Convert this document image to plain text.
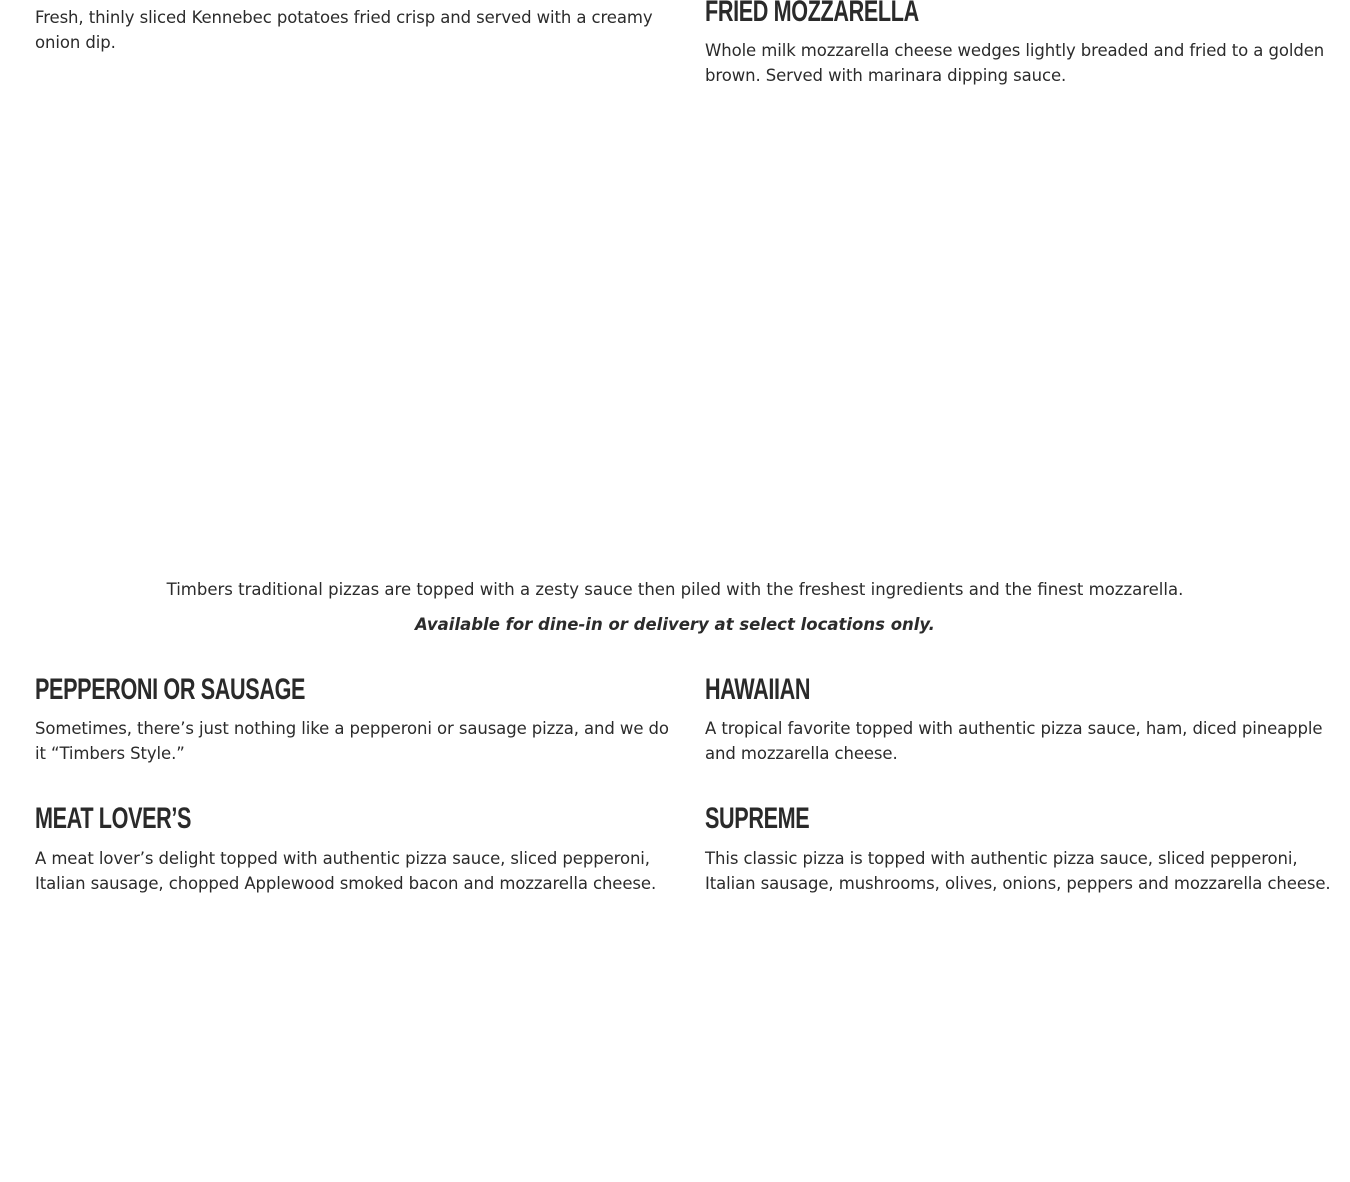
Fresh, thinly sliced Kennebec potatoes fried crisp and served with a creamy onion dip.

FRIED MOZZARELLA

Whole milk mozzarella cheese wedges lightly breaded and fried to a golden brown. Served with marinara dipping sauce.

Timbers traditional pizzas are topped with a zesty sauce then piled with the freshest ingredients and the finest mozzarella.

Available for dine-in or delivery at select locations only.

PEPPERONI OR SAUSAGE

Sometimes, there’s just nothing like a pepperoni or sausage pizza, and we do it “Timbers Style.”

HAWAIIAN

A tropical favorite topped with authentic pizza sauce, ham, diced pineapple and mozzarella cheese.

MEAT LOVER’S

A meat lover’s delight topped with authentic pizza sauce, sliced pepperoni, Italian sausage, chopped Applewood smoked bacon and mozzarella cheese.

SUPREME

This classic pizza is topped with authentic pizza sauce, sliced pepperoni, Italian sausage, mushrooms, olives, onions, peppers and mozzarella cheese.
